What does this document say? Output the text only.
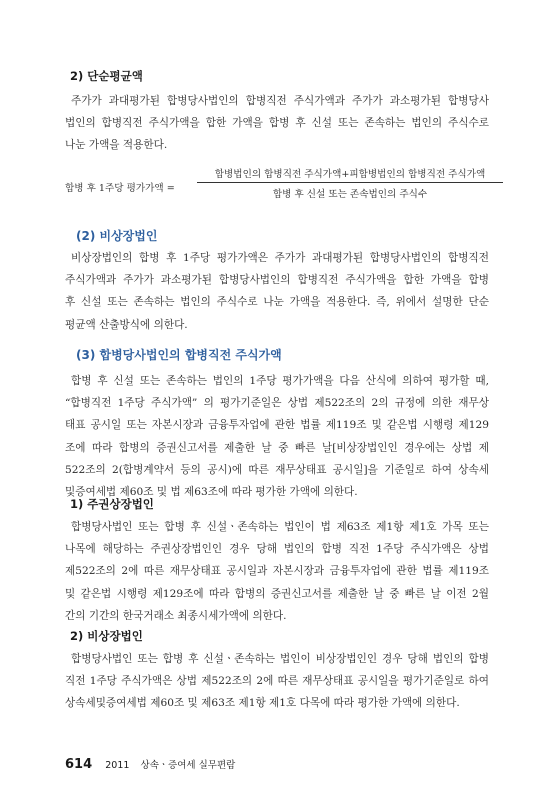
2) 단순평균액
주가가 과대평가된 합병당사법인의 합병직전 주식가액과 주가가 과소평가된 합병당사
법인의 합병직전 주식가액을 합한 가액을 합병 후 신설 또는 존속하는 법인의 주식수로
나눈 가액을 적용한다.
합병 후 1주당 평가가액 =
합병법인의 합병직전 주식가액+피합병법인의 합병직전 주식가액
합병 후 신설 또는 존속법인의 주식수
(2) 비상장법인
비상장법인의 합병 후 1주당 평가가액은 주가가 과대평가된 합병당사법인의 합병직전
주식가액과 주가가 과소평가된 합병당사법인의 합병직전 주식가액을 합한 가액을 합병
후 신설 또는 존속하는 법인의 주식수로 나눈 가액을 적용한다. 즉, 위에서 설명한 단순
평균액 산출방식에 의한다.
(3) 합병당사법인의 합병직전 주식가액
합병 후 신설 또는 존속하는 법인의 1주당 평가가액을 다음 산식에 의하여 평가할 때,
“합병직전 1주당 주식가액” 의 평가기준일은 상법 제522조의 2의 규정에 의한 재무상
태표 공시일 또는 자본시장과 금융투자업에 관한 법률 제119조 및 같은법 시행령 제129
조에 따라 합병의 증권신고서를 제출한 날 중 빠른 날[비상장법인인 경우에는 상법 제
522조의 2(합병계약서 등의 공시)에 따른 재무상태표 공시일]을 기준일로 하여 상속세
및증여세법 제60조 및 법 제63조에 따라 평가한 가액에 의한다.
1) 주권상장법인
합병당사법인 또는 합병 후 신설ㆍ존속하는 법인이 법 제63조 제1항 제1호 가목 또는
나목에 해당하는 주권상장법인인 경우 당해 법인의 합병 직전 1주당 주식가액은 상법
제522조의 2에 따른 재무상태표 공시일과 자본시장과 금융투자업에 관한 법률 제119조
및 같은법 시행령 제129조에 따라 합병의 증권신고서를 제출한 날 중 빠른 날 이전 2월
간의 기간의 한국거래소 최종시세가액에 의한다.
2) 비상장법인
합병당사법인 또는 합병 후 신설ㆍ존속하는 법인이 비상장법인인 경우 당해 법인의 합병
직전 1주당 주식가액은 상법 제522조의 2에 따른 재무상태표 공시일을 평가기준일로 하여
상속세및증여세법 제60조 및 제63조 제1항 제1호 다목에 따라 평가한 가액에 의한다.
614 2011 상속ㆍ증여세 실무편람
